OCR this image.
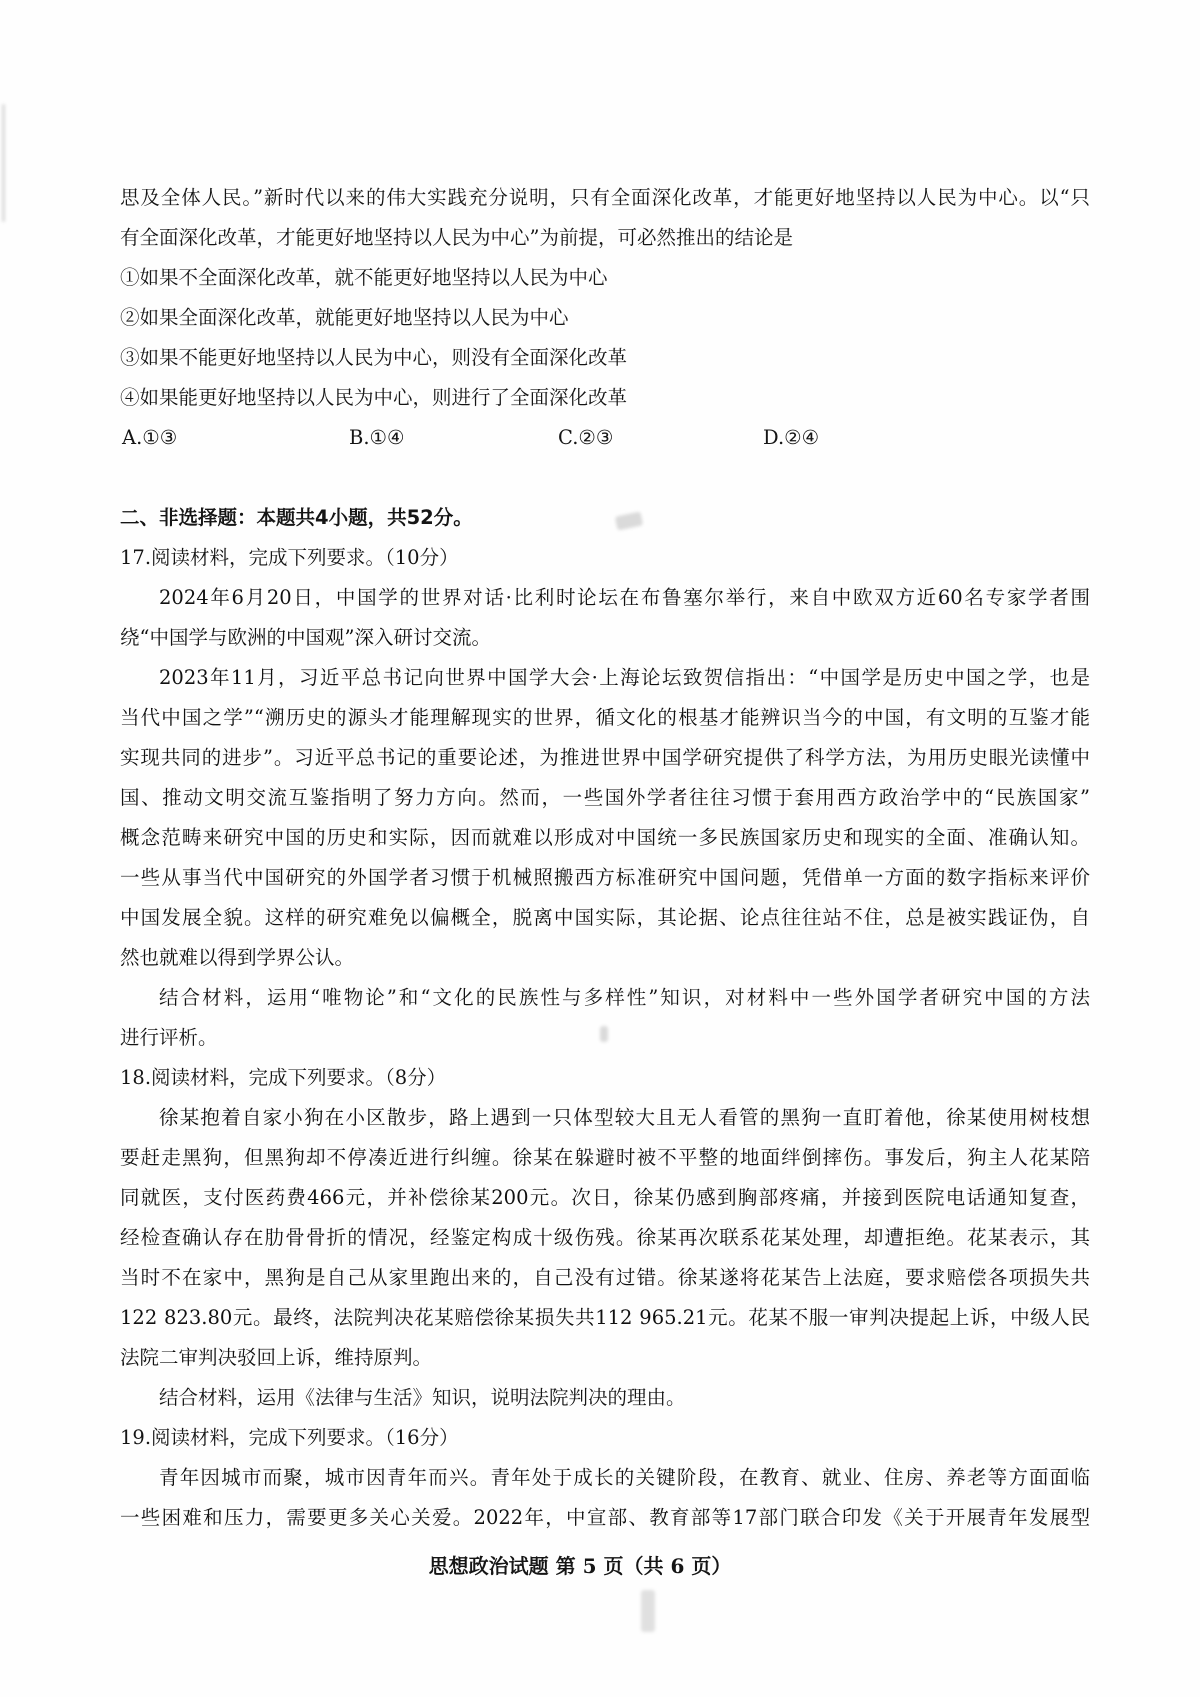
思及全体人民。”新时代以来的伟大实践充分说明，只有全面深化改革，才能更好地坚持以人民为中心。以“只
有全面深化改革，才能更好地坚持以人民为中心”为前提，可必然推出的结论是
①如果不全面深化改革，就不能更好地坚持以人民为中心
②如果全面深化改革，就能更好地坚持以人民为中心
③如果不能更好地坚持以人民为中心，则没有全面深化改革
④如果能更好地坚持以人民为中心，则进行了全面深化改革
A.①③	B.①④	C.②③	D.②④
二、非选择题：本题共4小题，共52分。
17.阅读材料，完成下列要求。（10分）
2024年6月20日，中国学的世界对话·比利时论坛在布鲁塞尔举行，来自中欧双方近60名专家学者围
绕“中国学与欧洲的中国观”深入研讨交流。
2023年11月，习近平总书记向世界中国学大会·上海论坛致贺信指出：“中国学是历史中国之学，也是
当代中国之学”“溯历史的源头才能理解现实的世界，循文化的根基才能辨识当今的中国，有文明的互鉴才能
实现共同的进步”。习近平总书记的重要论述，为推进世界中国学研究提供了科学方法，为用历史眼光读懂中
国、推动文明交流互鉴指明了努力方向。然而，一些国外学者往往习惯于套用西方政治学中的“民族国家”
概念范畴来研究中国的历史和实际，因而就难以形成对中国统一多民族国家历史和现实的全面、准确认知。
一些从事当代中国研究的外国学者习惯于机械照搬西方标准研究中国问题，凭借单一方面的数字指标来评价
中国发展全貌。这样的研究难免以偏概全，脱离中国实际，其论据、论点往往站不住，总是被实践证伪，自
然也就难以得到学界公认。
结合材料，运用“唯物论”和“文化的民族性与多样性”知识，对材料中一些外国学者研究中国的方法
进行评析。
18.阅读材料，完成下列要求。（8分）
徐某抱着自家小狗在小区散步，路上遇到一只体型较大且无人看管的黑狗一直盯着他，徐某使用树枝想
要赶走黑狗，但黑狗却不停凑近进行纠缠。徐某在躲避时被不平整的地面绊倒摔伤。事发后，狗主人花某陪
同就医，支付医药费466元，并补偿徐某200元。次日，徐某仍感到胸部疼痛，并接到医院电话通知复查，
经检查确认存在肋骨骨折的情况，经鉴定构成十级伤残。徐某再次联系花某处理，却遭拒绝。花某表示，其
当时不在家中，黑狗是自己从家里跑出来的，自己没有过错。徐某遂将花某告上法庭，要求赔偿各项损失共
122 823.80元。最终，法院判决花某赔偿徐某损失共112 965.21元。花某不服一审判决提起上诉，中级人民
法院二审判决驳回上诉，维持原判。
结合材料，运用《法律与生活》知识，说明法院判决的理由。
19.阅读材料，完成下列要求。（16分）
青年因城市而聚，城市因青年而兴。青年处于成长的关键阶段，在教育、就业、住房、养老等方面面临
一些困难和压力，需要更多关心关爱。2022年，中宣部、教育部等17部门联合印发《关于开展青年发展型
思想政治试题 第 5 页（共 6 页）
